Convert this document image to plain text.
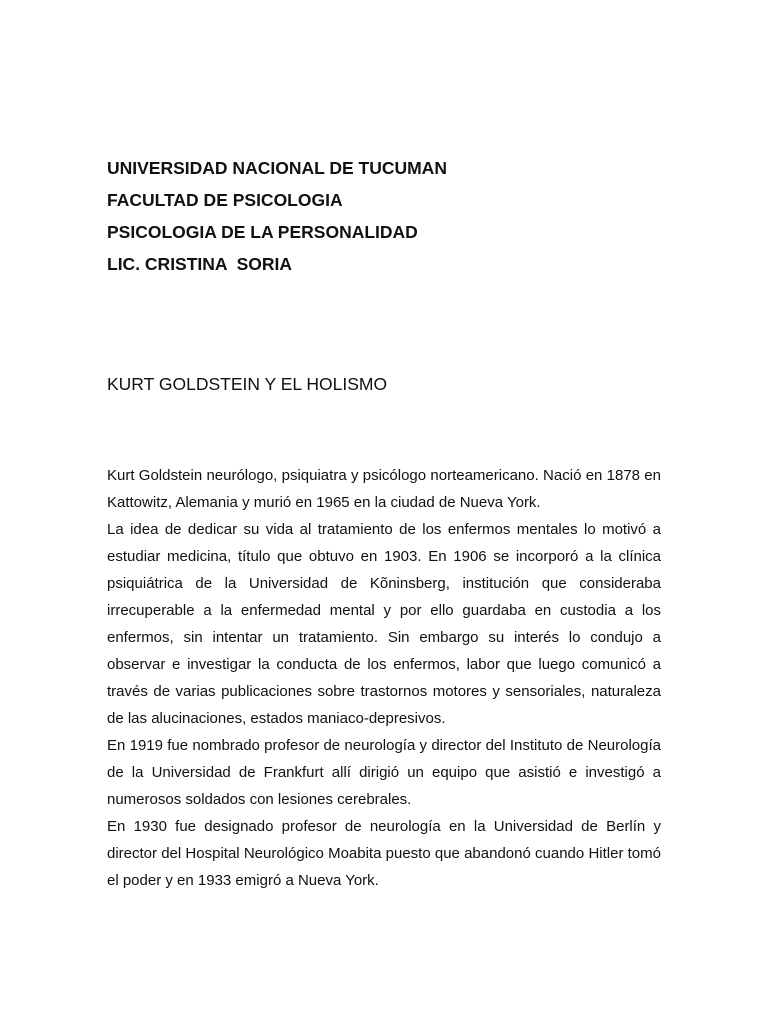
UNIVERSIDAD NACIONAL DE TUCUMAN

FACULTAD DE PSICOLOGIA

PSICOLOGIA DE LA PERSONALIDAD

LIC. CRISTINA  SORIA

KURT GOLDSTEIN Y EL HOLISMO

Kurt Goldstein neurólogo, psiquiatra y psicólogo norteamericano. Nació en 1878 en Kattowitz, Alemania y murió en 1965 en la ciudad de Nueva York.

La idea de dedicar su vida al tratamiento de los enfermos mentales lo motivó a estudiar medicina, título que obtuvo en 1903. En 1906 se incorporó a la clínica psiquiátrica de la Universidad de Kõninsberg, institución que consideraba irrecuperable a la enfermedad mental y por ello guardaba en custodia a los enfermos, sin intentar un tratamiento. Sin embargo su interés lo condujo a observar e investigar la conducta de los enfermos, labor que luego comunicó a través de varias publicaciones sobre trastornos motores y sensoriales, naturaleza de las alucinaciones, estados maniaco-depresivos.

En 1919 fue nombrado profesor de neurología y director del Instituto de Neurología de la Universidad de Frankfurt allí dirigió un equipo que asistió e investigó a numerosos soldados con lesiones cerebrales.

En 1930 fue designado profesor de neurología en la Universidad de Berlín y director del Hospital Neurológico Moabita puesto que abandonó cuando Hitler tomó el poder y en 1933 emigró a Nueva York.
